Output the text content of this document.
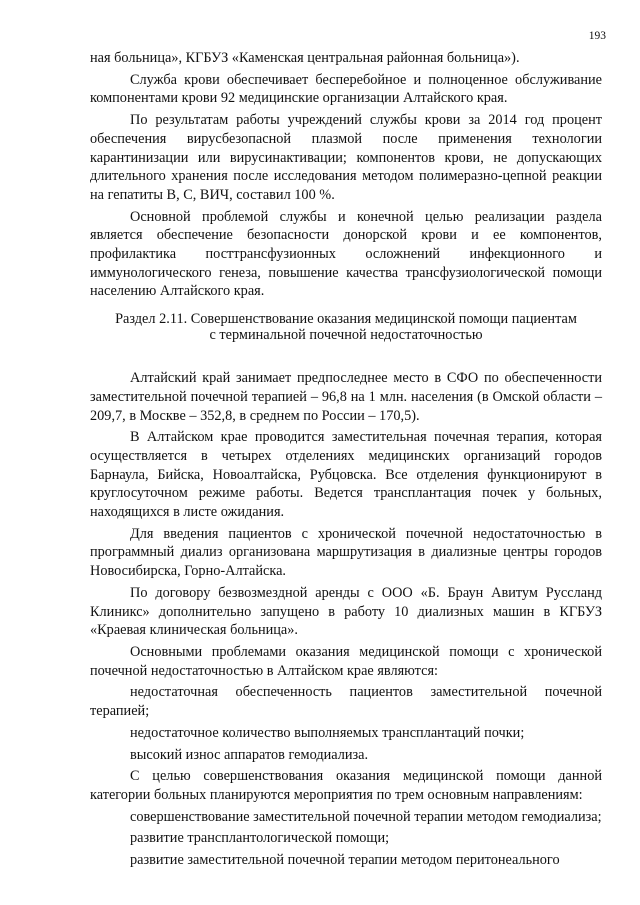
193

ная больница», КГБУЗ «Каменская центральная районная больница»).

Служба крови обеспечивает бесперебойное и полноценное обслуживание компонентами крови 92 медицинские организации Алтайского края.

По результатам работы учреждений службы крови за 2014 год процент обеспечения вирусбезопасной плазмой после применения технологии карантинизации или вирусинактивации; компонентов крови, не допускающих длительного хранения после исследования методом полимеразно-цепной реакции на гепатиты В, С, ВИЧ, составил 100 %.

Основной проблемой службы и конечной целью реализации раздела является обеспечение безопасности донорской крови и ее компонентов, профилактика посттрансфузионных осложнений инфекционного и иммунологического генеза, повышение качества трансфузиологической помощи населению Алтайского края.

Раздел 2.11. Совершенствование оказания медицинской помощи пациентам
с терминальной почечной недостаточностью

Алтайский край занимает предпоследнее место в СФО по обеспеченности заместительной почечной терапией – 96,8 на 1 млн. населения (в Омской области – 209,7, в Москве – 352,8, в среднем по России – 170,5).

В Алтайском крае проводится заместительная почечная терапия, которая осуществляется в четырех отделениях медицинских организаций городов Барнаула, Бийска, Новоалтайска, Рубцовска. Все отделения функционируют в круглосуточном режиме работы. Ведется трансплантация почек у больных, находящихся в листе ожидания.

Для введения пациентов с хронической почечной недостаточностью в программный диализ организована маршрутизация в диализные центры городов Новосибирска, Горно-Алтайска.

По договору безвозмездной аренды с ООО «Б. Браун Авитум Руссланд Клиникс» дополнительно запущено в работу 10 диализных машин в КГБУЗ «Краевая клиническая больница».

Основными проблемами оказания медицинской помощи с хронической почечной недостаточностью в Алтайском крае являются:

недостаточная обеспеченность пациентов заместительной почечной терапией;

недостаточное количество выполняемых трансплантаций почки;

высокий износ аппаратов гемодиализа.

С целью совершенствования оказания медицинской помощи данной категории больных планируются мероприятия по трем основным направлениям:

совершенствование заместительной почечной терапии методом гемодиализа;

развитие трансплантологической помощи;

развитие заместительной почечной терапии методом перитонеального
